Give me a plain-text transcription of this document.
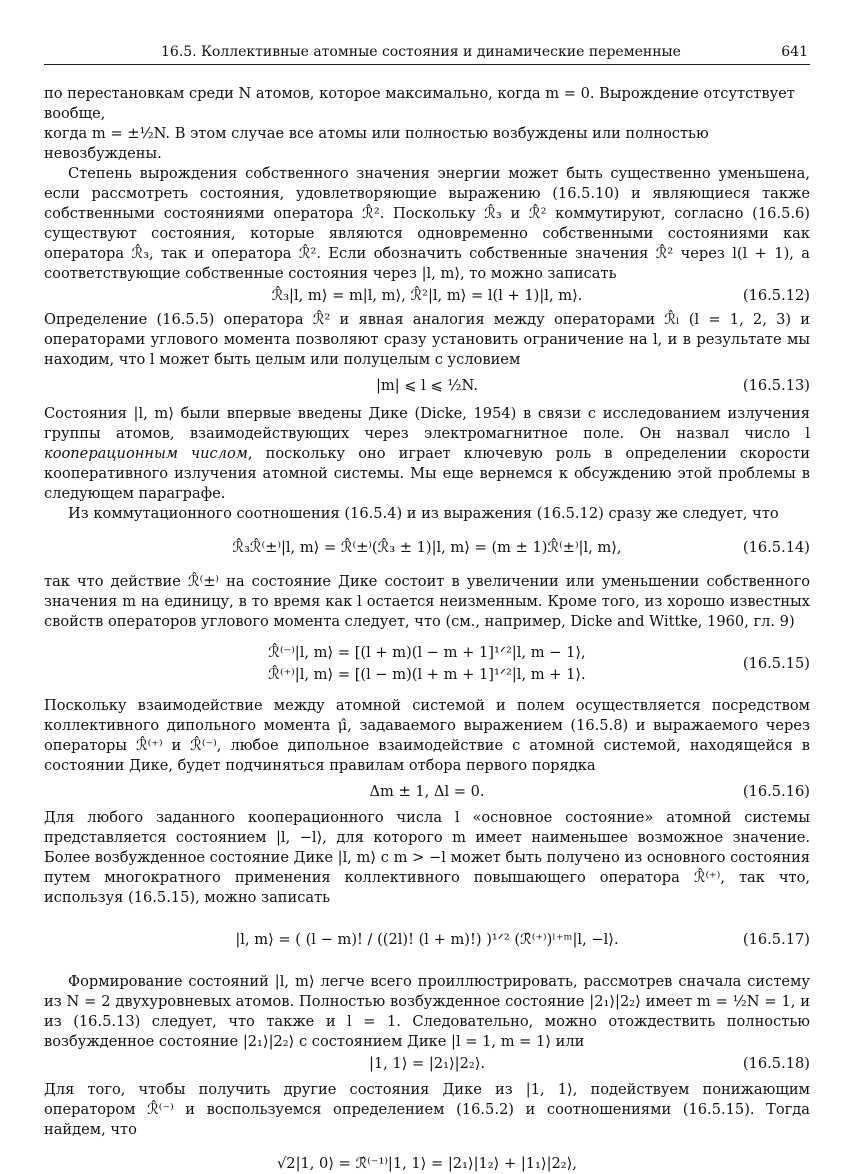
16.5. Коллективные атомные состояния и динамические переменные	641

по перестановкам среди N атомов, которое максимально, когда m = 0. Вырождение отсутствует вообще,

когда m = ±½N. В этом случае все атомы или полностью возбуждены или полностью невозбуждены.

Степень вырождения собственного значения энергии может быть существенно уменьшена, если рассмотреть состояния, удовлетворяющие выражению (16.5.10) и являющиеся также собственными состояниями оператора ℛ̂². Поскольку ℛ̂₃ и ℛ̂² коммутируют, согласно (16.5.6) существуют состояния, которые являются одновременно собственными состояниями как оператора ℛ̂₃, так и оператора ℛ̂². Если обозначить собственные значения ℛ̂² через l(l + 1), а соответствующие собственные состояния через |l, m⟩, то можно записать

ℛ̂₃|l, m⟩ = m|l, m⟩, ℛ̂²|l, m⟩ = l(l + 1)|l, m⟩.	(16.5.12)

Определение (16.5.5) оператора ℛ̂² и явная аналогия между операторами ℛ̂ₗ (l = 1, 2, 3) и операторами углового момента позволяют сразу установить ограничение на l, и в результате мы находим, что l может быть целым или полуцелым с условием

|m| ⩽ l ⩽ ½N.	(16.5.13)

Состояния |l, m⟩ были впервые введены Дике (Dicke, 1954) в связи с исследованием излучения группы атомов, взаимодействующих через электромагнитное поле. Он назвал число l кооперационным числом, поскольку оно играет ключевую роль в определении скорости кооперативного излучения атомной системы. Мы еще вернемся к обсуждению этой проблемы в следующем параграфе.

Из коммутационного соотношения (16.5.4) и из выражения (16.5.12) сразу же следует, что

ℛ̂₃ℛ̂⁽±⁾|l, m⟩ = ℛ̂⁽±⁾(ℛ̂₃ ± 1)|l, m⟩ = (m ± 1)ℛ̂⁽±⁾|l, m⟩,	(16.5.14)

так что действие ℛ̂⁽±⁾ на состояние Дике состоит в увеличении или уменьшении собственного значения m на единицу, в то время как l остается неизменным. Кроме того, из хорошо известных свойств операторов углового момента следует, что (см., например, Dicke and Wittke, 1960, гл. 9)

ℛ̂⁽⁻⁾|l, m⟩ = [(l + m)(l − m + 1]¹ᐟ²|l, m − 1⟩,
ℛ̂⁽⁺⁾|l, m⟩ = [(l − m)(l + m + 1]¹ᐟ²|l, m + 1⟩.
(16.5.15)

Поскольку взаимодействие между атомной системой и полем осуществляется посредством коллективного дипольного момента μ̂, задаваемого выражением (16.5.8) и выражаемого через операторы ℛ̂⁽⁺⁾ и ℛ̂⁽⁻⁾, любое дипольное взаимодействие с атомной системой, находящейся в состоянии Дике, будет подчиняться правилам отбора первого порядка

Δm ± 1, Δl = 0.	(16.5.16)

Для любого заданного кооперационного числа l «основное состояние» атомной системы представляется состоянием |l, −l⟩, для которого m имеет наименьшее возможное значение. Более возбужденное состояние Дике |l, m⟩ с m > −l может быть получено из основного состояния путем многократного применения коллективного повышающего оператора ℛ̂⁽⁺⁾, так что, используя (16.5.15), можно записать

|l, m⟩ = ( (l − m)! / ((2l)! (l + m)!) )¹ᐟ² (ℛ̂⁽⁺⁾)ˡ⁺ᵐ|l, −l⟩.	(16.5.17)

Формирование состояний |l, m⟩ легче всего проиллюстрировать, рассмотрев сначала систему из N = 2 двухуровневых атомов. Полностью возбужденное состояние |2₁⟩|2₂⟩ имеет m = ½N = 1, и из (16.5.13) следует, что также и l = 1. Следовательно, можно отождествить полностью возбужденное состояние |2₁⟩|2₂⟩ с состоянием Дике |l = 1, m = 1⟩ или

|1, 1⟩ = |2₁⟩|2₂⟩.	(16.5.18)

Для того, чтобы получить другие состояния Дике из |1, 1⟩, подействуем понижающим оператором ℛ̂⁽⁻⁾ и воспользуемся определением (16.5.2) и соотношениями (16.5.15). Тогда найдем, что

√2|1, 0⟩ = ℛ̂⁽⁻¹⁾|1, 1⟩ = |2₁⟩|1₂⟩ + |1₁⟩|2₂⟩,
